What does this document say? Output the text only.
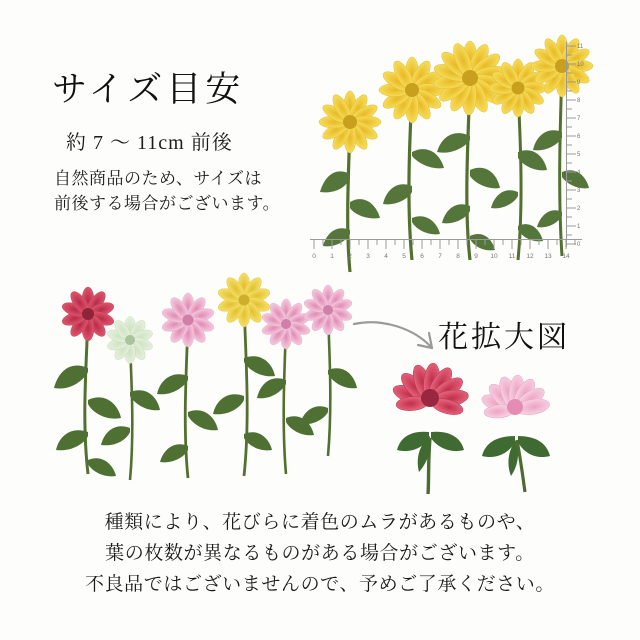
サイズ目安
約 7 ～ 11cm 前後
自然商品のため、サイズは
前後する場合がございます。
11
10
9
8
7
6
5
4
3
2
1
0
0 1 2 3 4 5 6 7 8 9 10 11 12 13 14
花拡大図

種類により、花びらに着色のムラがあるものや、

葉の枚数が異なるものがある場合がございます。

不良品ではございませんので、予めご了承ください。
